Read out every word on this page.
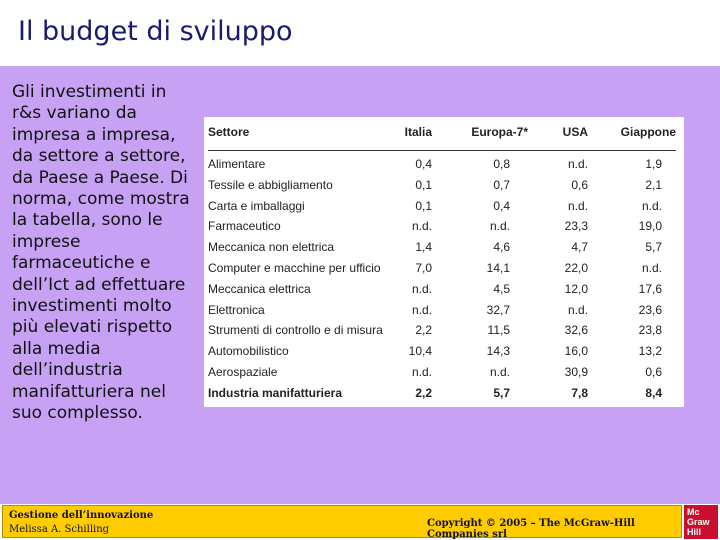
Il budget di sviluppo
Gli investimenti in r&s variano da impresa a impresa, da settore a settore, da Paese a Paese. Di norma, come mostra la tabella, sono le imprese farmaceutiche e dell’Ict ad effettuare investimenti molto più elevati rispetto alla media dell’industria manifatturiera nel suo complesso.
Settore	Italia	Europa-7*	USA	Giappone
Alimentare	0,4	0,8	n.d.	1,9
Tessile e abbigliamento	0,1	0,7	0,6	2,1
Carta e imballaggi	0,1	0,4	n.d.	n.d.
Farmaceutico	n.d.	n.d.	23,3	19,0
Meccanica non elettrica	1,4	4,6	4,7	5,7
Computer e macchine per ufficio	7,0	14,1	22,0	n.d.
Meccanica elettrica	n.d.	4,5	12,0	17,6
Elettronica	n.d.	32,7	n.d.	23,6
Strumenti di controllo e di misura	2,2	11,5	32,6	23,8
Automobilistico	10,4	14,3	16,0	13,2
Aerospaziale	n.d.	n.d.	30,9	0,6
Industria manifatturiera	2,2	5,7	7,8	8,4
Gestione dell’innovazione
Melissa A. Schilling
Copyright © 2005 – The McGraw-Hill Companies srl
Mc
Graw
Hill
